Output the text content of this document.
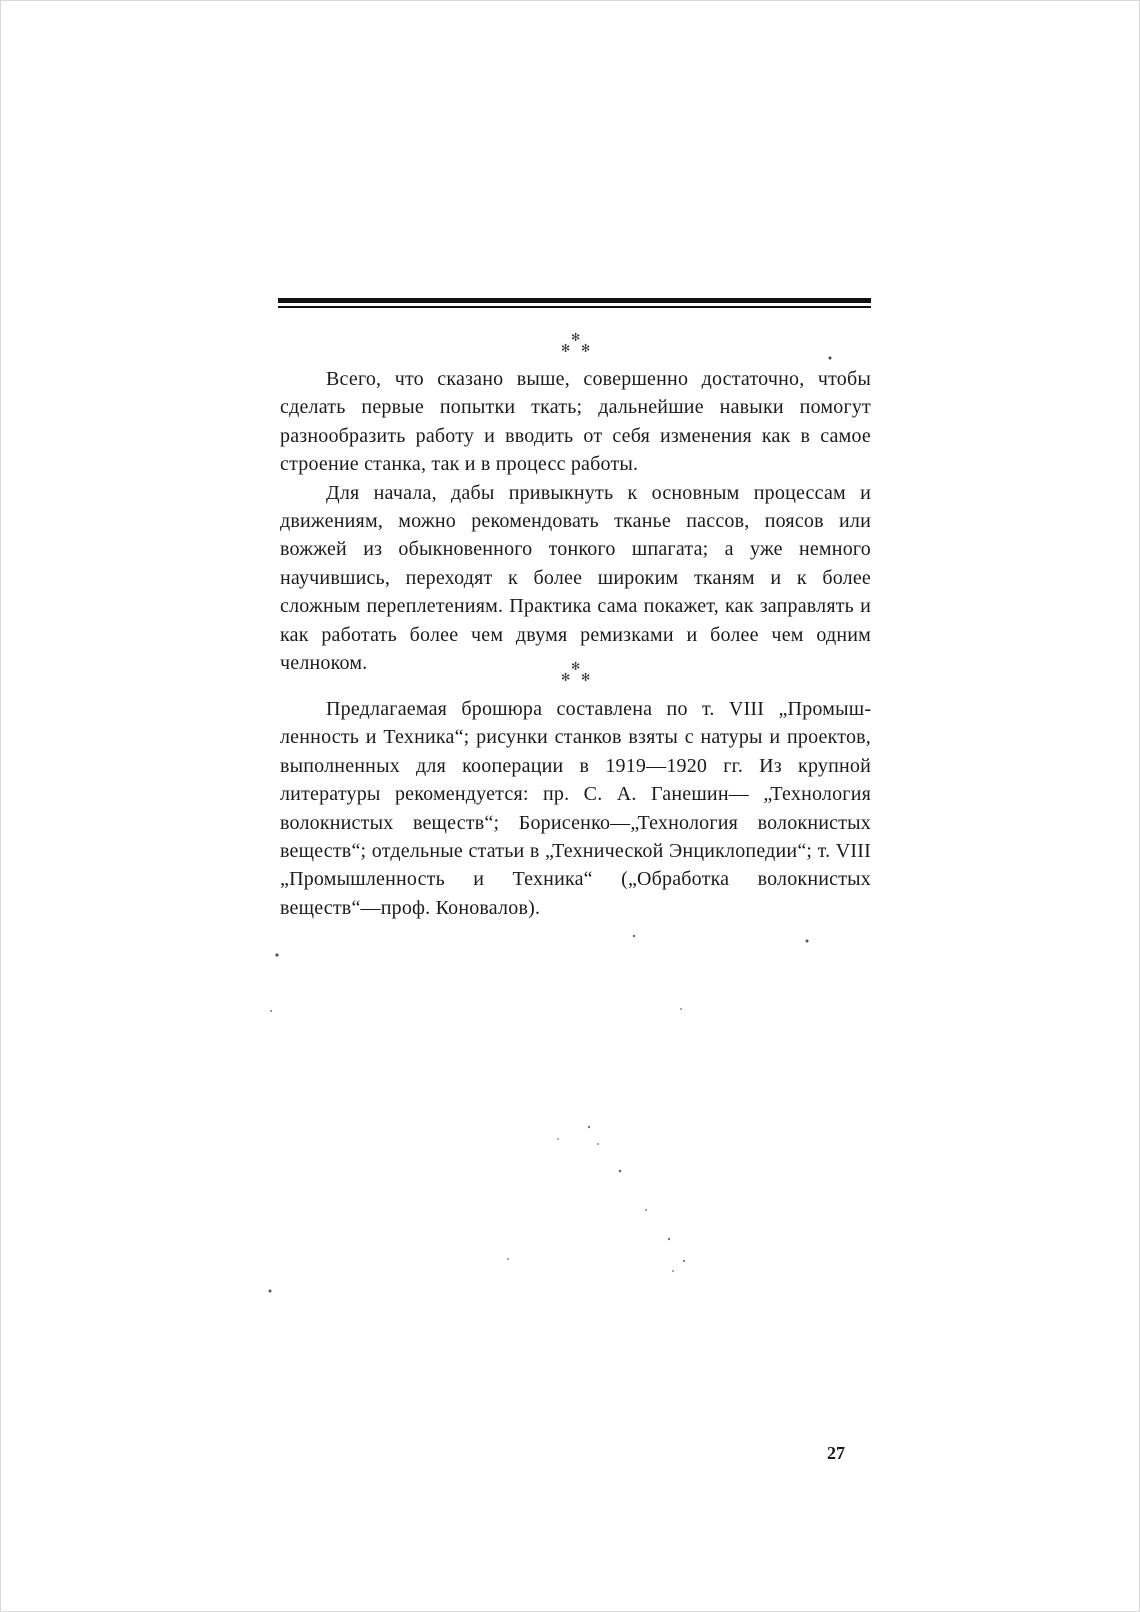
✻
✻ ✻

Всего, что сказано выше, совершенно достаточно, чтобы сделать первые попытки ткать; дальнейшие навыки помогут разнообразить работу и вводить от себя изменения как в самое строение станка, так и в процесс работы.

Для начала, дабы привыкнуть к основным процессам и движениям, можно рекомендовать тканье пассов, поясов или вожжей из обыкновенного тонкого шпагата; а уже немного научившись, переходят к более широким тканям и к более сложным переплетениям. Практика сама покажет, как заправлять и как работать более чем двумя ремизками и более чем одним челноком.	✻
✻ ✻

Предлагаемая брошюра составлена по т. VIII „Промышленность и Техника“; рисунки станков взяты с натуры и проектов, выполненных для кооперации в 1919—1920 гг. Из крупной литературы рекомендуется: пр. С. А. Ганешин— „Технология волокнистых веществ“; Борисенко—„Технология волокнистых веществ“; отдельные статьи в „Технической Энциклопедии“; т. VIII „Промышленность и Техника“ („Обработка волокнистых веществ“—проф. Коновалов).

27
